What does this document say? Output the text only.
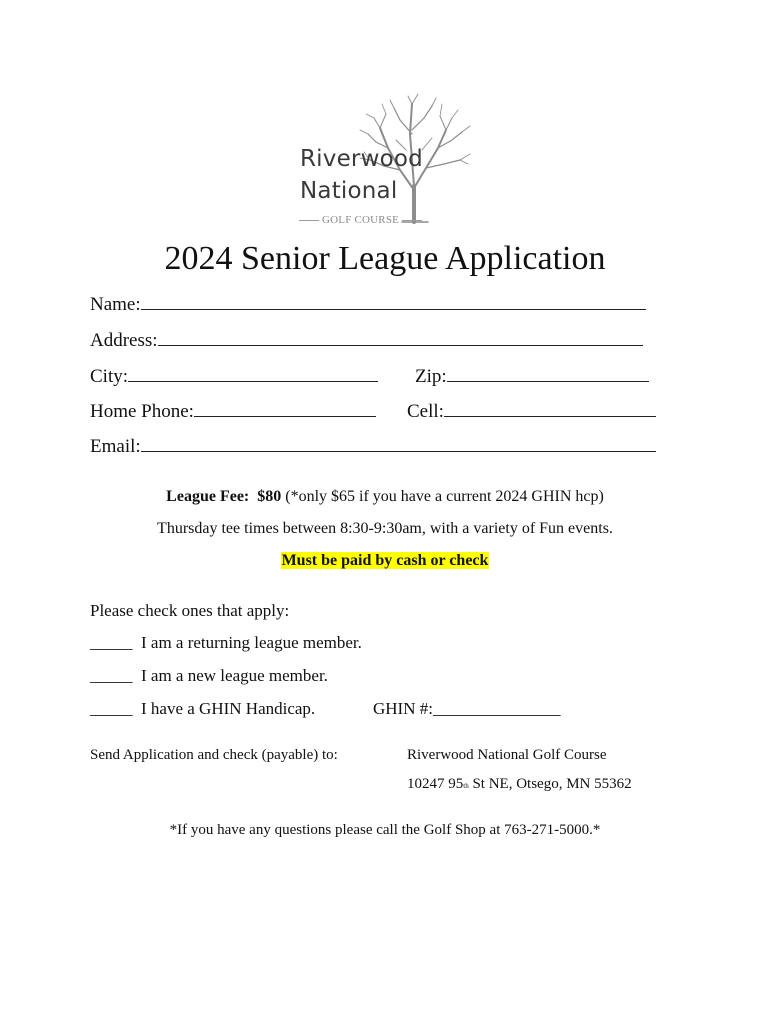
Riverwood
National
GOLF COURSE
2024 Senior League Application
Name:
Address:
City:	Zip:
Home Phone:	Cell:
Email:
League Fee: $80 (*only $65 if you have a current 2024 GHIN hcp)
Thursday tee times between 8:30-9:30am, with a variety of Fun events.
Must be paid by cash or check
Please check ones that apply:
_____ I am a returning league member.
_____ I am a new league member.
_____ I have a GHIN Handicap.	GHIN #:_______________
Send Application and check (payable) to:	Riverwood National Golf Course
10247 95th St NE, Otsego, MN 55362
*If you have any questions please call the Golf Shop at 763-271-5000.*
